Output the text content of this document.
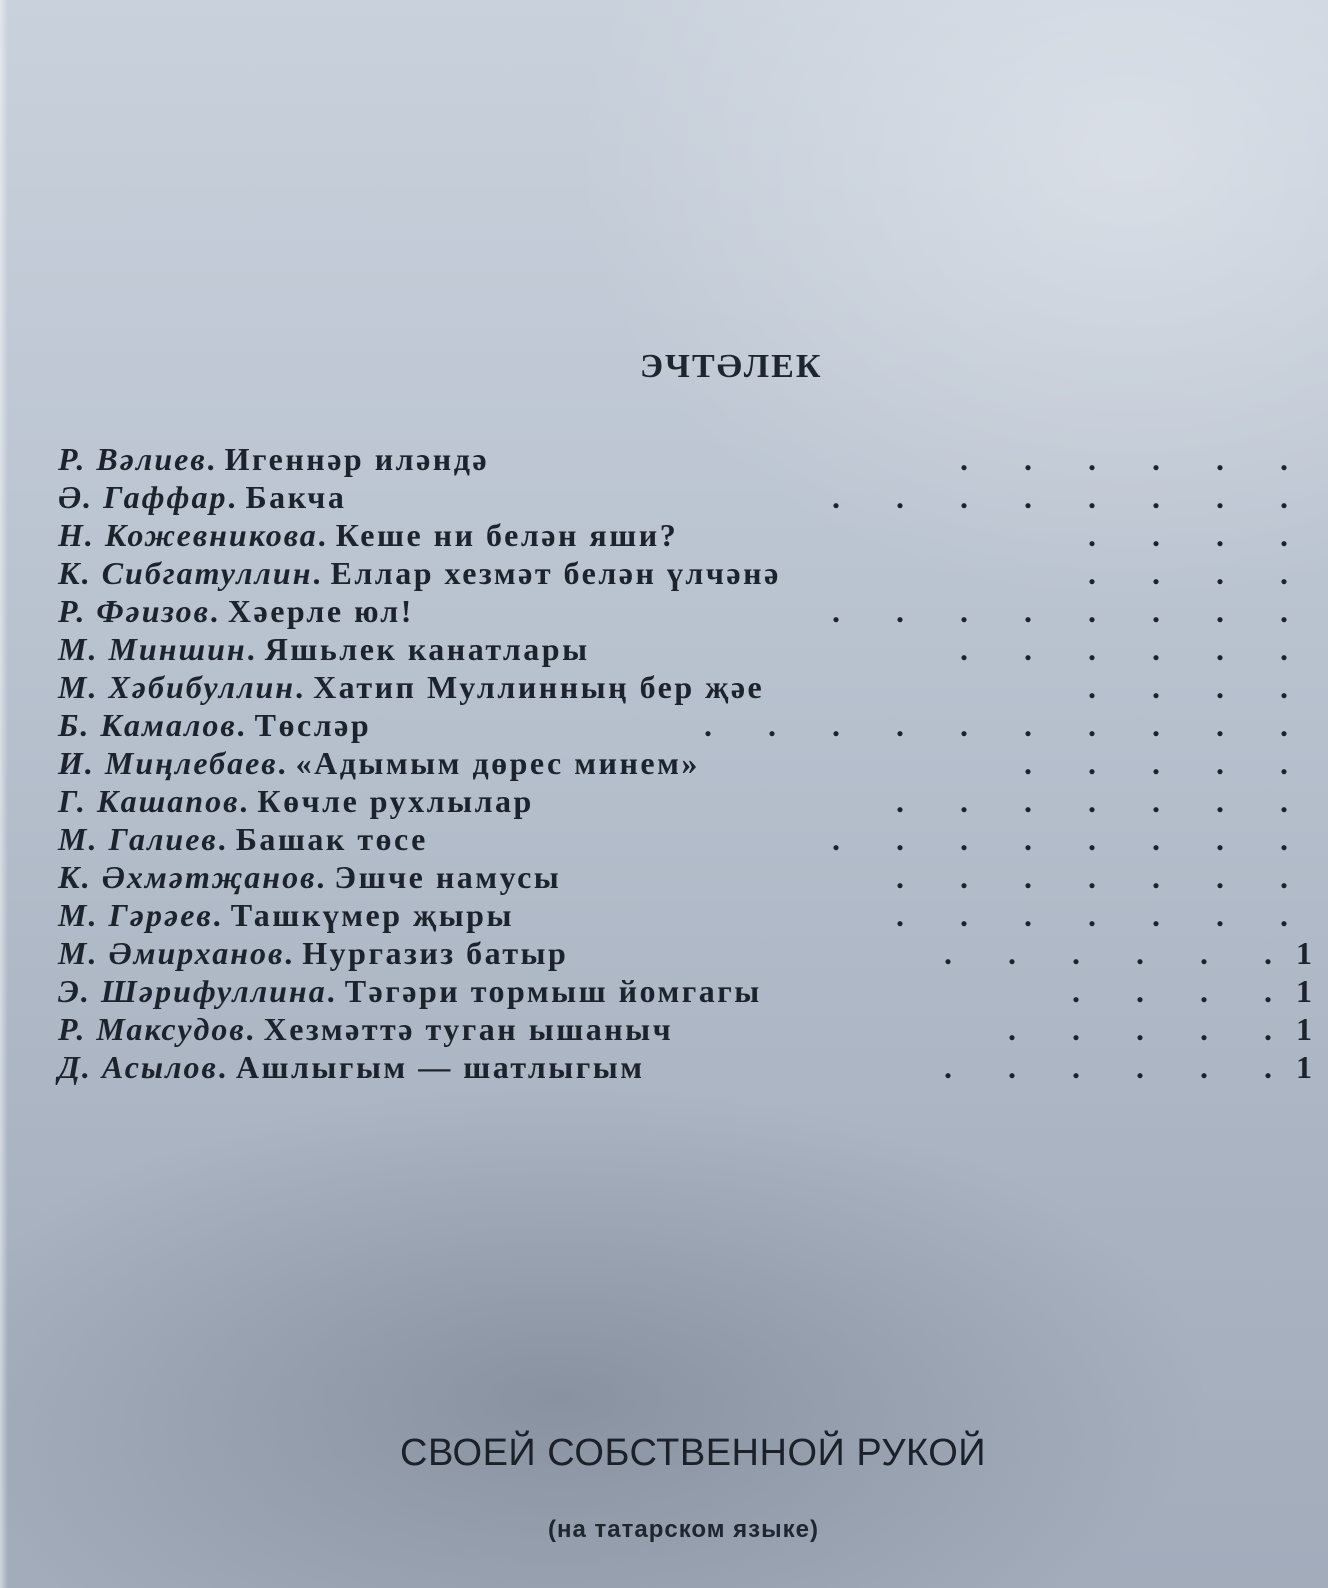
ЭЧТӘЛЕК
Р. Вәлиев. Игеннәр иләндә	.       .       .       .       .       .
Ә. Гаффар. Бакча	.       .       .       .       .       .       .       .
Н. Кожевникова. Кеше ни белән яши?	.       .       .       .
К. Сибгатуллин. Еллар хезмәт белән үлчәнә	.       .       .       .
Р. Фәизов. Хәерле юл!	.       .       .       .       .       .       .       .
М. Миншин. Яшьлек канатлары	.       .       .       .       .       .
М. Хәбибуллин. Хатип Муллинның бер җәе	.       .       .       .
Б. Камалов. Төсләр	.       .       .       .       .       .       .       .       .       .
И. Миңлебаев. «Адымым дөрес минем»	.       .       .       .       .
Г. Кашапов. Көчле рухлылар	.       .       .       .       .       .       .
М. Галиев. Башак төсе	.       .       .       .       .       .       .       .
К. Әхмәтҗанов. Эшче намусы	.       .       .       .       .       .       .
М. Гәрәев. Ташкүмер җыры	.       .       .       .       .       .       .
М. Әмирханов. Нургазиз батыр	.       .       .       .       .       . 1
Э. Шәрифуллина. Тәгәри тормыш йомгагы	.       .       .       . 1
Р. Максудов. Хезмәттә туган ышаныч	.       .       .       .       . 1
Д. Асылов. Ашлыгым — шатлыгым	.       .       .       .       .       . 1
СВОЕЙ СОБСТВЕННОЙ РУКОЙ
(на татарском языке)
